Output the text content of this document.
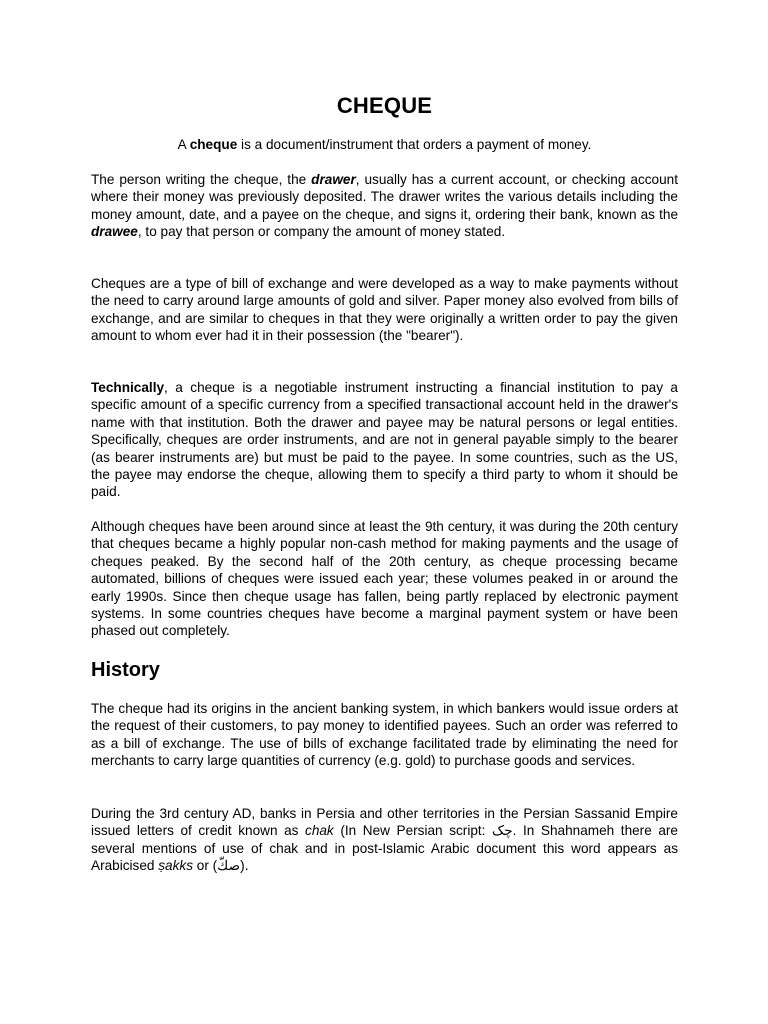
CHEQUE

A cheque is a document/instrument that orders a payment of money.

The person writing the cheque, the drawer, usually has a current account, or checking account where their money was previously deposited. The drawer writes the various details including the money amount, date, and a payee on the cheque, and signs it, ordering their bank, known as the drawee, to pay that person or company the amount of money stated.

Cheques are a type of bill of exchange and were developed as a way to make payments without the need to carry around large amounts of gold and silver. Paper money also evolved from bills of exchange, and are similar to cheques in that they were originally a written order to pay the given amount to whom ever had it in their possession (the "bearer").

Technically, a cheque is a negotiable instrument instructing a financial institution to pay a specific amount of a specific currency from a specified transactional account held in the drawer's name with that institution. Both the drawer and payee may be natural persons or legal entities. Specifically, cheques are order instruments, and are not in general payable simply to the bearer (as bearer instruments are) but must be paid to the payee. In some countries, such as the US, the payee may endorse the cheque, allowing them to specify a third party to whom it should be paid.

Although cheques have been around since at least the 9th century, it was during the 20th century that cheques became a highly popular non-cash method for making payments and the usage of cheques peaked. By the second half of the 20th century, as cheque processing became automated, billions of cheques were issued each year; these volumes peaked in or around the early 1990s. Since then cheque usage has fallen, being partly replaced by electronic payment systems. In some countries cheques have become a marginal payment system or have been phased out completely.

History

The cheque had its origins in the ancient banking system, in which bankers would issue orders at the request of their customers, to pay money to identified payees. Such an order was referred to as a bill of exchange. The use of bills of exchange facilitated trade by eliminating the need for merchants to carry large quantities of currency (e.g. gold) to purchase goods and services.

During the 3rd century AD, banks in Persia and other territories in the Persian Sassanid Empire issued letters of credit known as chak (In New Persian script: چک. In Shahnameh there are several mentions of use of chak and in post-Islamic Arabic document this word appears as Arabicised ṣakks or (صكّ).
